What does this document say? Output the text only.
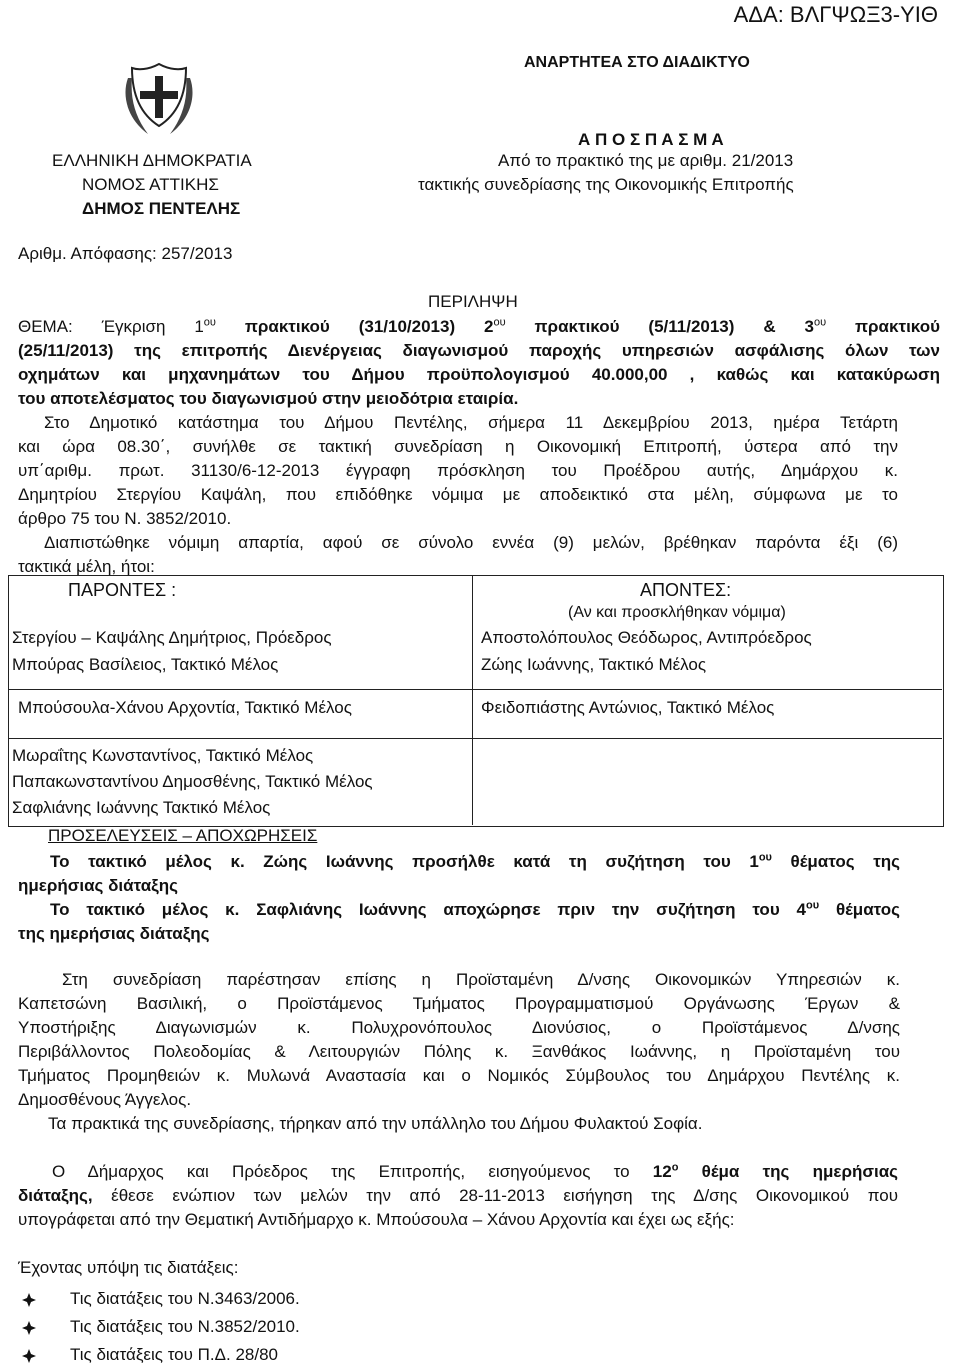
ΑΔΑ: ΒΛΓΨΩΞ3-ΥΙΘ
ΑΝΑΡΤΗΤΕΑ ΣΤΟ ΔΙΑΔΙΚΤΥΟ
ΕΛΛΗΝΙΚΗ ΔΗΜΟΚΡΑΤΙΑ
ΝΟΜΟΣ ΑΤΤΙΚΗΣ
ΔΗΜΟΣ ΠΕΝΤΕΛΗΣ
Α Π Ο Σ Π Α Σ Μ Α
Από το πρακτικό της με αριθμ. 21/2013
τακτικής συνεδρίασης της Οικονομικής Επιτροπής
Αριθμ. Απόφασης: 257/2013
ΠΕΡΙΛΗΨΗ
ΘΕΜΑ: Έγκριση $1^{o\upsilon}$ πρακτικού (31/10/2013) $2^{o\upsilon}$ πρακτικού (5/11/2013) & $3^{o\upsilon}$ πρακτικού
(25/11/2013) της επιτροπής Διενέργειας διαγωνισμού παροχής υπηρεσιών ασφάλισης όλων των
οχημάτων και μηχανημάτων του Δήμου προϋπολογισμού 40.000,00 , καθώς και κατακύρωση
του αποτελέσματος του διαγωνισμού στην μειοδότρια εταιρία.
Στο Δημοτικό κατάστημα του Δήμου Πεντέλης, σήμερα 11 Δεκεμβρίου 2013, ημέρα Τετάρτη
και ώρα 08.30΄, συνήλθε σε τακτική συνεδρίαση η Οικονομική Επιτροπή, ύστερα από την
υπ΄αριθμ. πρωτ. 31130/6-12-2013 έγγραφη πρόσκληση του Προέδρου αυτής, Δημάρχου κ.
Δημητρίου Στεργίου Καψάλη, που επιδόθηκε νόμιμα με αποδεικτικό στα μέλη, σύμφωνα με το
άρθρο 75 του Ν. 3852/2010.
Διαπιστώθηκε νόμιμη απαρτία, αφού σε σύνολο εννέα (9) μελών, βρέθηκαν παρόντα έξι (6)
τακτικά μέλη, ήτοι:
ΠΑΡΟΝΤΕΣ :	ΑΠΟΝΤΕΣ:
(Αν και προσκλήθηκαν νόμιμα)
Στεργίου – Καψάλης Δημήτριος, Πρόεδρος
Μπούρας Βασίλειος, Τακτικό Μέλος
Μπούσουλα-Χάνου Αρχοντία, Τακτικό Μέλος
Μωραΐτης Κωνσταντίνος, Τακτικό Μέλος
Παπακωνσταντίνου Δημοσθένης, Τακτικό Μέλος
Σαφλιάνης Ιωάννης Τακτικό Μέλος
Αποστολόπουλος Θεόδωρος, Αντιπρόεδρος
Ζώης Ιωάννης, Τακτικό Μέλος
Φειδοπιάστης Αντώνιος, Τακτικό Μέλος
ΠΡΟΣΕΛΕΥΣΕΙΣ – ΑΠΟΧΩΡΗΣΕΙΣ
Το τακτικό μέλος κ. Ζώης Ιωάννης προσήλθε κατά τη συζήτηση του $1^{o\upsilon}$ θέματος της
ημερήσιας διάταξης
Το τακτικό μέλος κ. Σαφλιάνης Ιωάννης αποχώρησε πριν την συζήτηση του $4^{o\upsilon}$ θέματος
της ημερήσιας διάταξης
Στη συνεδρίαση παρέστησαν επίσης η Προϊσταμένη Δ/νσης Οικονομικών Υπηρεσιών κ.
Καπετσώνη Βασιλική, ο Προϊστάμενος Τμήματος Προγραμματισμού Οργάνωσης Έργων &
Υποστήριξης Διαγωνισμών κ. Πολυχρονόπουλος Διονύσιος, ο Προϊστάμενος Δ/νσης
Περιβάλλοντος Πολεοδομίας & Λειτουργιών Πόλης κ. Ξανθάκος Ιωάννης, η Προϊσταμένη του
Τμήματος Προμηθειών κ. Μυλωνά Αναστασία και ο Νομικός Σύμβουλος του Δημάρχου Πεντέλης κ.
Δημοσθένους Άγγελος.
Τα πρακτικά της συνεδρίασης, τήρηκαν από την υπάλληλο του Δήμου Φυλακτού Σοφία.
Ο Δήμαρχος και Πρόεδρος της Επιτροπής, εισηγούμενος το $12^o$ θέμα της ημερήσιας
διάταξης, έθεσε ενώπιον των μελών την από 28-11-2013 εισήγηση της Δ/σης Οικονομικού που
υπογράφεται από την Θεματική Αντιδήμαρχο κ. Μπούσουλα – Χάνου Αρχοντία και έχει ως εξής:
Έχοντας υπόψη τις διατάξεις:
Τις διατάξεις του Ν.3463/2006.
Τις διατάξεις του Ν.3852/2010.
Τις διατάξεις του Π.Δ. 28/80
